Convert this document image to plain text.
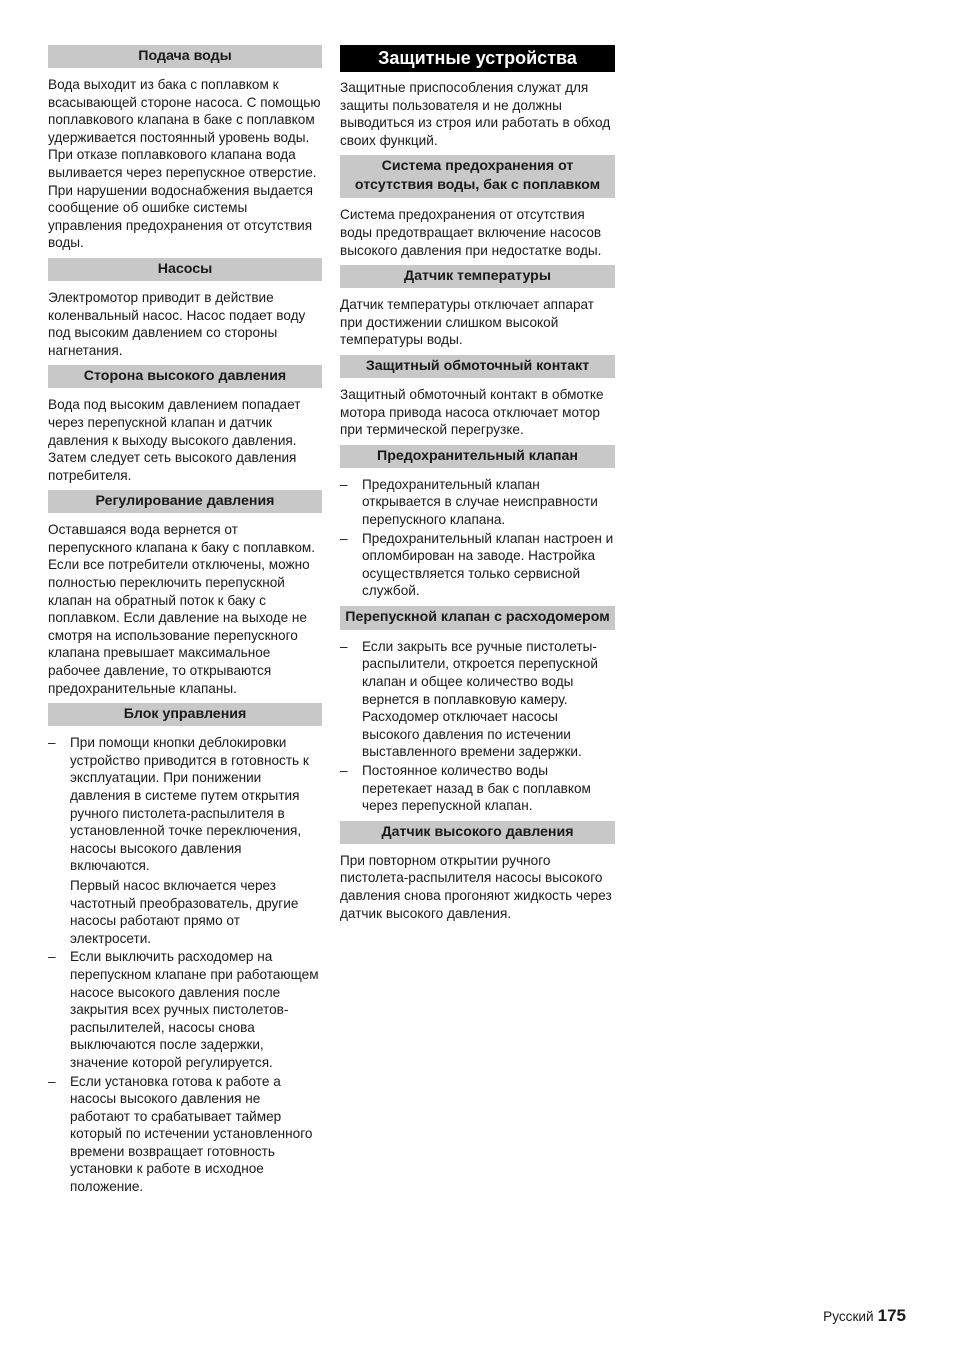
Подача воды

Вода выходит из бака с поплавком к всасывающей стороне насоса. С помощью поплавкового клапана в баке с поплавком удерживается постоянный уровень воды. При отказе поплавкового клапана вода выливается через перепускное отверстие. При нарушении водоснабжения выдается сообщение об ошибке системы управления предохранения от отсутствия воды.

Насосы

Электромотор приводит в действие коленвальный насос. Насос подает воду под высоким давлением со стороны нагнетания.

Сторона высокого давления

Вода под высоким давлением попадает через перепускной клапан и датчик давления к выходу высокого давления. Затем следует сеть высокого давления потребителя.

Регулирование давления

Оставшаяся вода вернется от перепускного клапана к баку с поплавком. Если все потребители отключены, можно полностью переключить перепускной клапан на обратный поток к баку с поплавком. Если давление на выходе не смотря на использование перепускного клапана превышает максимальное рабочее давление, то открываются предохранительные клапаны.

Блок управления
– При помощи кнопки деблокировки устройство приводится в готовность к эксплуатации. При понижении давления в системе путем открытия ручного пистолета-распылителя в установленной точке переключения, насосы высокого давления включаются.
Первый насос включается через частотный преобразователь, другие насосы работают прямо от электросети.
– Если выключить расходомер на перепускном клапане при работающем насосе высокого давления после закрытия всех ручных пистолетов-распылителей, насосы снова выключаются после задержки, значение которой регулируется.
– Если установка готова к работе а насосы высокого давления не работают то срабатывает таймер который по истечении установленного времени возвращает готовность установки к работе в исходное положение.
Защитные устройства

Защитные приспособления служат для защиты пользователя и не должны выводиться из строя или работать в обход своих функций.

Система предохранения от отсутствия воды, бак с поплавком

Система предохранения от отсутствия воды предотвращает включение насосов высокого давления при недостатке воды.

Датчик температуры

Датчик температуры отключает аппарат при достижении слишком высокой температуры воды.

Защитный обмоточный контакт

Защитный обмоточный контакт в обмотке мотора привода насоса отключает мотор при термической перегрузке.

Предохранительный клапан
– Предохранительный клапан открывается в случае неисправности перепускного клапана.
– Предохранительный клапан настроен и опломбирован на заводе. Настройка осуществляется только сервисной службой.
Перепускной клапан с расходомером
– Если закрыть все ручные пистолеты-распылители, откроется перепускной клапан и общее количество воды вернется в поплавковую камеру. Расходомер отключает насосы высокого давления по истечении выставленного времени задержки.
– Постоянное количество воды перетекает назад в бак с поплавком через перепускной клапан.
Датчик высокого давления

При повторном открытии ручного пистолета-распылителя насосы высокого давления снова прогоняют жидкость через датчик высокого давления.

Русский 175
